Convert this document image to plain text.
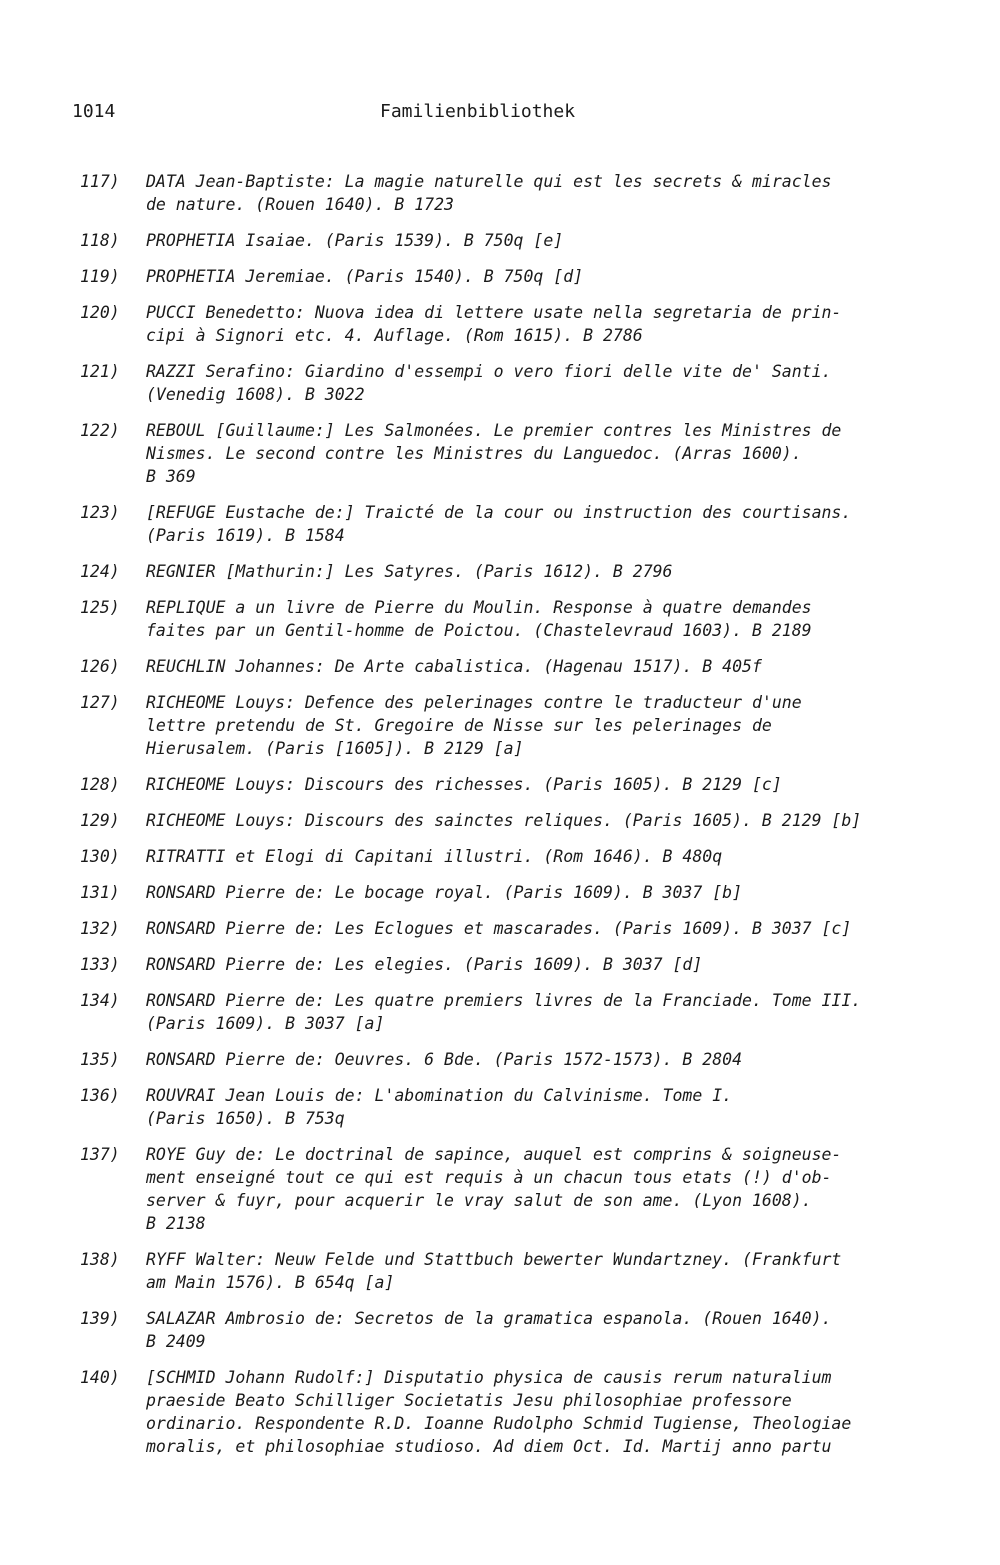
1014	Familienbibliothek
117)	DATA Jean-Baptiste: La magie naturelle qui est les secrets & miracles
de nature. (Rouen 1640). B 1723
118)	PROPHETIA Isaiae. (Paris 1539). B 750q [e]
119)	PROPHETIA Jeremiae. (Paris 1540). B 750q [d]
120)	PUCCI Benedetto: Nuova idea di lettere usate nella segretaria de prin-
cipi à Signori etc. 4. Auflage. (Rom 1615). B 2786
121)	RAZZI Serafino: Giardino d'essempi o vero fiori delle vite de' Santi.
(Venedig 1608). B 3022
122)	REBOUL [Guillaume:] Les Salmonées. Le premier contres les Ministres de
Nismes. Le second contre les Ministres du Languedoc. (Arras 1600).
B 369
123)	[REFUGE Eustache de:] Traicté de la cour ou instruction des courtisans.
(Paris 1619). B 1584
124)	REGNIER [Mathurin:] Les Satyres. (Paris 1612). B 2796
125)	REPLIQUE a un livre de Pierre du Moulin. Response à quatre demandes
faites par un Gentil-homme de Poictou. (Chastelevraud 1603). B 2189
126)	REUCHLIN Johannes: De Arte cabalistica. (Hagenau 1517). B 405f
127)	RICHEOME Louys: Defence des pelerinages contre le traducteur d'une
lettre pretendu de St. Gregoire de Nisse sur les pelerinages de
Hierusalem. (Paris [1605]). B 2129 [a]
128)	RICHEOME Louys: Discours des richesses. (Paris 1605). B 2129 [c]
129)	RICHEOME Louys: Discours des sainctes reliques. (Paris 1605). B 2129 [b]
130)	RITRATTI et Elogi di Capitani illustri. (Rom 1646). B 480q
131)	RONSARD Pierre de: Le bocage royal. (Paris 1609). B 3037 [b]
132)	RONSARD Pierre de: Les Eclogues et mascarades. (Paris 1609). B 3037 [c]
133)	RONSARD Pierre de: Les elegies. (Paris 1609). B 3037 [d]
134)	RONSARD Pierre de: Les quatre premiers livres de la Franciade. Tome III.
(Paris 1609). B 3037 [a]
135)	RONSARD Pierre de: Oeuvres. 6 Bde. (Paris 1572-1573). B 2804
136)	ROUVRAI Jean Louis de: L'abomination du Calvinisme. Tome I.
(Paris 1650). B 753q
137)	ROYE Guy de: Le doctrinal de sapince, auquel est comprins & soigneuse-
ment enseigné tout ce qui est requis à un chacun tous etats (!) d'ob-
server & fuyr, pour acquerir le vray salut de son ame. (Lyon 1608).
B 2138
138)	RYFF Walter: Neuw Felde und Stattbuch bewerter Wundartzney. (Frankfurt
am Main 1576). B 654q [a]
139)	SALAZAR Ambrosio de: Secretos de la gramatica espanola. (Rouen 1640).
B 2409
140)	[SCHMID Johann Rudolf:] Disputatio physica de causis rerum naturalium
praeside Beato Schilliger Societatis Jesu philosophiae professore
ordinario. Respondente R.D. Ioanne Rudolpho Schmid Tugiense, Theologiae
moralis, et philosophiae studioso. Ad diem Oct. Id. Martij anno partu
